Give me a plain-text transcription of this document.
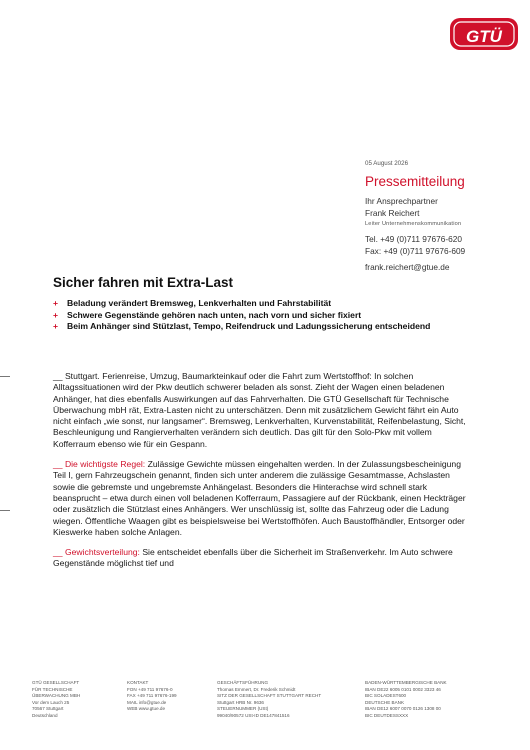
GTÜ
05 August 2026
Pressemitteilung
Ihr Ansprechpartner
Frank Reichert
Leiter Unternehmenskommunikation
Tel. +49 (0)711 97676-620
Fax: +49 (0)711 97676-609
frank.reichert@gtue.de
Sicher fahren mit Extra-Last
+ Beladung verändert Bremsweg, Lenkverhalten und Fahrstabilität
+ Schwere Gegenstände gehören nach unten, nach vorn und sicher fixiert
+ Beim Anhänger sind Stützlast, Tempo, Reifendruck und Ladungssicherung entscheidend

__ Stuttgart. Ferienreise, Umzug, Baumarkteinkauf oder die Fahrt zum Wertstoffhof: In solchen Alltagssituationen wird der Pkw deutlich schwerer beladen als sonst. Zieht der Wagen einen beladenen Anhänger, hat dies ebenfalls Auswirkungen auf das Fahrverhalten. Die GTÜ Gesellschaft für Technische Überwachung mbH rät, Extra-Lasten nicht zu unterschätzen. Denn mit zusätzlichem Gewicht fährt ein Auto nicht einfach „wie sonst, nur langsamer“. Bremsweg, Lenkverhalten, Kurvenstabilität, Reifenbelastung, Sicht, Beschleunigung und Rangierverhalten verändern sich deutlich. Das gilt für den Solo-Pkw mit vollem Kofferraum ebenso wie für ein Gespann.

__ Die wichtigste Regel: Zulässige Gewichte müssen eingehalten werden. In der Zulassungsbescheinigung Teil I, gern Fahrzeugschein genannt, finden sich unter anderem die zulässige Gesamtmasse, Achslasten sowie die gebremste und ungebremste Anhängelast. Besonders die Hinterachse wird schnell stark beansprucht – etwa durch einen voll beladenen Kofferraum, Passagiere auf der Rückbank, einen Heckträger oder zusätzlich die Stützlast eines Anhängers. Wer unschlüssig ist, sollte das Fahrzeug oder die Ladung wiegen. Öffentliche Waagen gibt es beispielsweise bei Wertstoffhöfen. Auch Baustoffhändler, Entsorger oder Kieswerke haben solche Anlagen.

__ Gewichtsverteilung: Sie entscheidet ebenfalls über die Sicherheit im Straßenverkehr. Im Auto schwere Gegenstände möglichst tief und

GTÜ GESELLSCHAFT
FÜR TECHNISCHE
ÜBERWACHUNG MBH
Vor dem Lauch 25
70567 Stuttgart
Deutschland
KONTAKT
FON +49 711 97676-0
FAX +49 711 97676-199
MAIL info@gtue.de
WEB www.gtue.de
GESCHÄFTSFÜHRUNG
Thomas Emmert, Dr. Frederik Schmidt
SITZ DER GESELLSCHAFT STUTTGART RECHT
Stuttgart HRB Nr. 9636
STEUERNUMMER (USt)
99040/90572 USt-ID DE147841516
BADEN-WÜRTTEMBERGISCHE BANK
IBAN DE22 6005 0101 0002 3323 46
BIC SOLADEST600
DEUTSCHE BANK
IBAN DE12 6007 0070 0126 1308 00
BIC DEUTDESSXXX
